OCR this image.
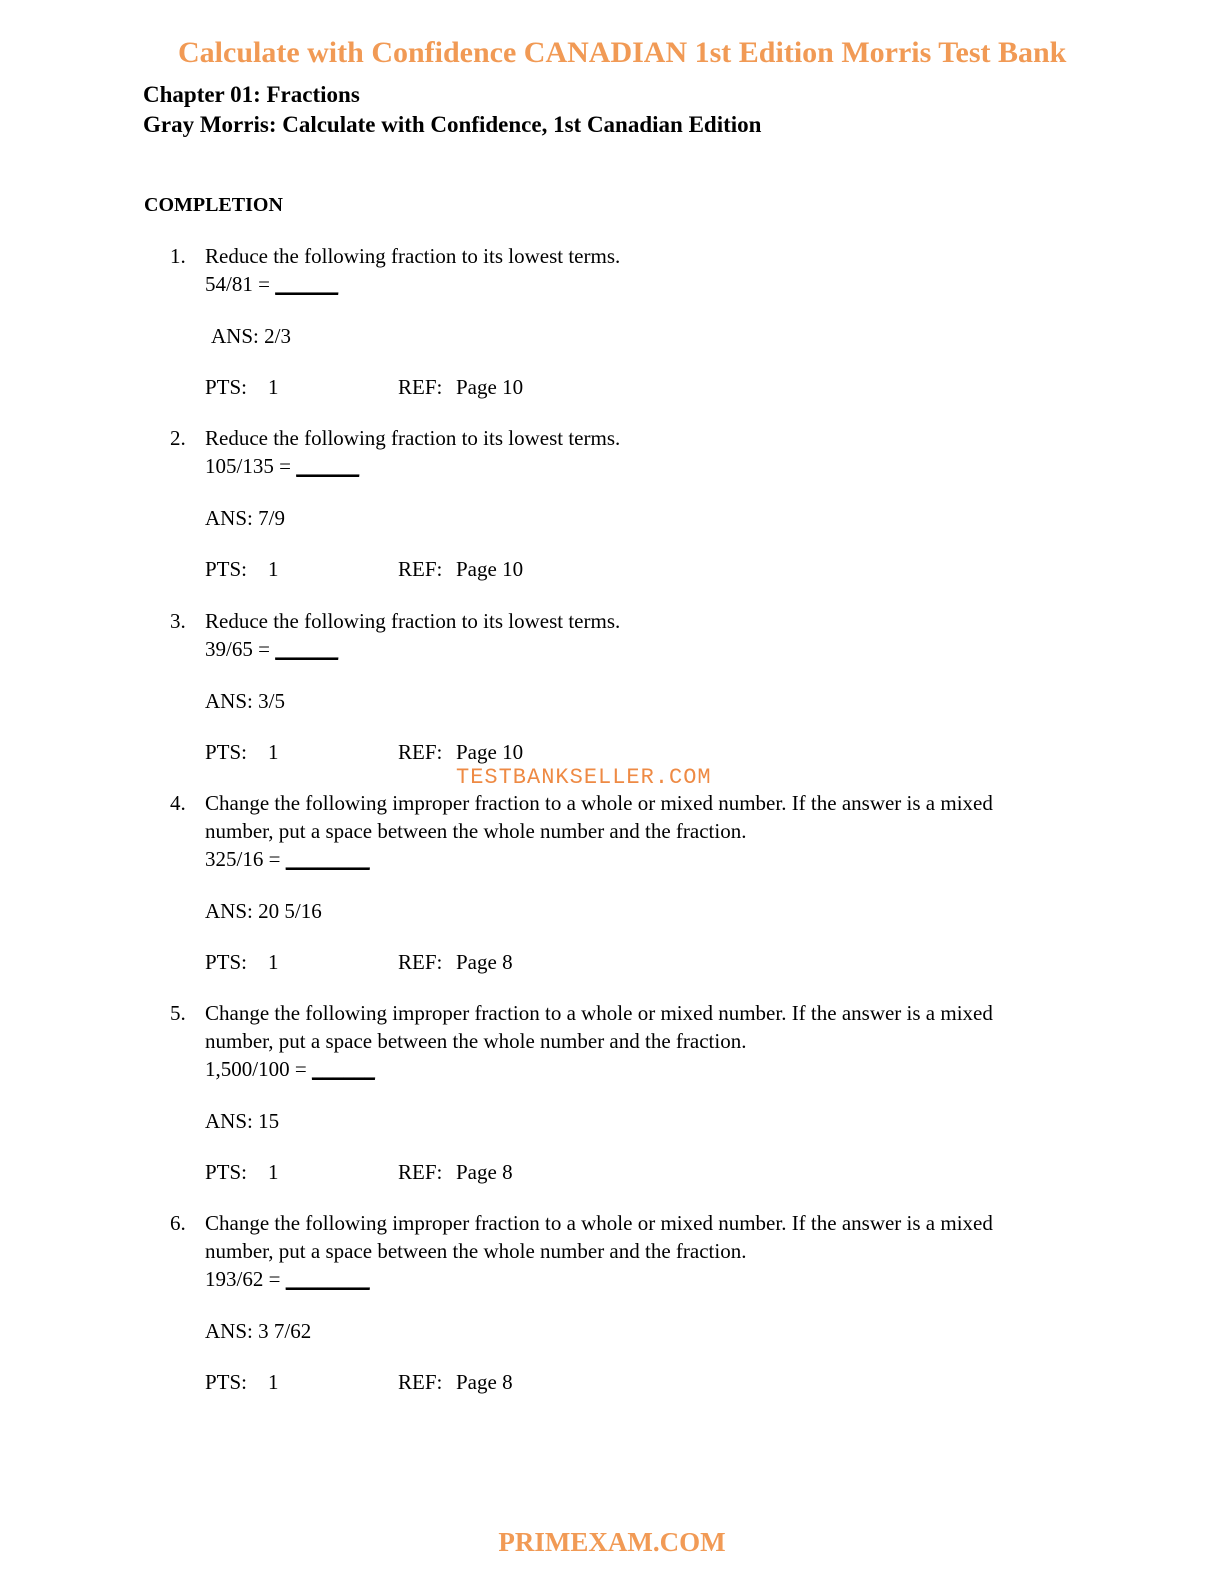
Calculate with Confidence CANADIAN 1st Edition Morris Test Bank
Chapter 01: Fractions
Gray Morris: Calculate with Confidence, 1st Canadian Edition
COMPLETION
1. Reduce the following fraction to its lowest terms.
54/81 = ______
ANS: 2/3
PTS: 1	REF: Page 10
2. Reduce the following fraction to its lowest terms.
105/135 = ______
ANS: 7/9
PTS: 1	REF: Page 10
3. Reduce the following fraction to its lowest terms.
39/65 = ______
ANS: 3/5
PTS: 1	REF: Page 10
4. Change the following improper fraction to a whole or mixed number. If the answer is a mixed
number, put a space between the whole number and the fraction.
325/16 = ________
ANS: 20 5/16
PTS: 1	REF: Page 8
5. Change the following improper fraction to a whole or mixed number. If the answer is a mixed
number, put a space between the whole number and the fraction.
1,500/100 = ______
ANS: 15
PTS: 1	REF: Page 8
6. Change the following improper fraction to a whole or mixed number. If the answer is a mixed
number, put a space between the whole number and the fraction.
193/62 = ________
ANS: 3 7/62
PTS: 1	REF: Page 8
TESTBANKSELLER.COM
PRIMEXAM.COM
